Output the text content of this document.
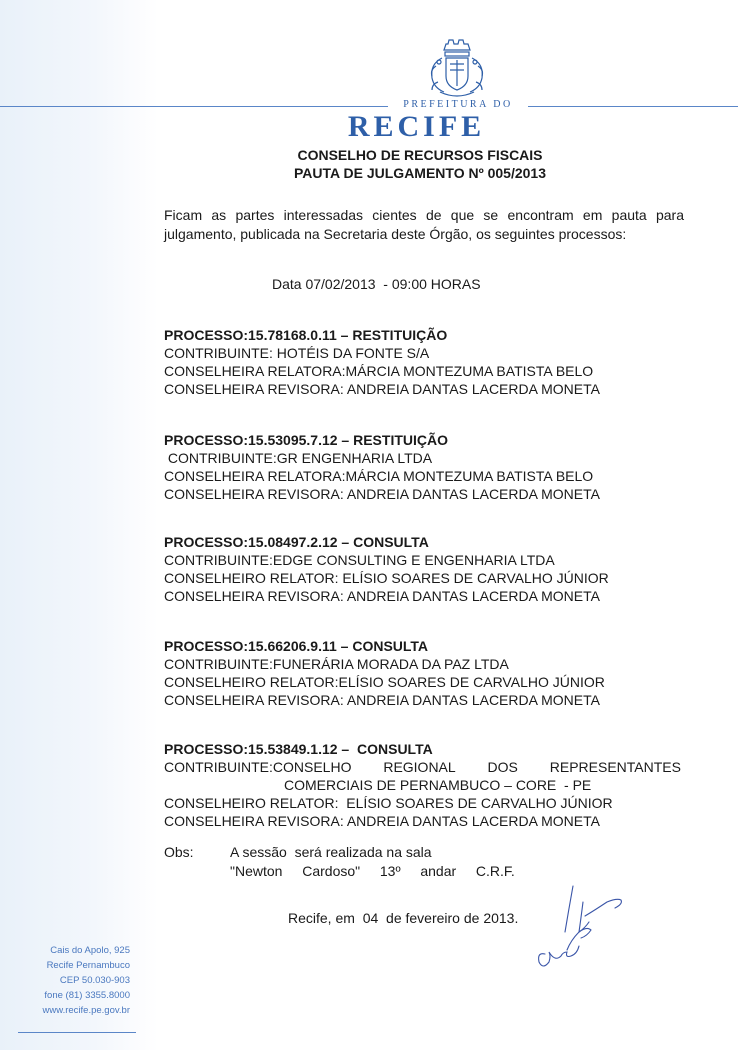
PREFEITURA DO
RECIFE
CONSELHO DE RECURSOS FISCAIS
PAUTA DE JULGAMENTO Nº 005/2013
Ficam as partes interessadas cientes de que se encontram em pauta para julgamento, publicada na Secretaria deste Órgão, os seguintes processos:
Data 07/02/2013  - 09:00 HORAS
PROCESSO:15.78168.0.11 – RESTITUIÇÃO
CONTRIBUINTE: HOTÉIS DA FONTE S/A
CONSELHEIRA RELATORA:MÁRCIA MONTEZUMA BATISTA BELO
CONSELHEIRA REVISORA: ANDREIA DANTAS LACERDA MONETA
PROCESSO:15.53095.7.12 – RESTITUIÇÃO
CONTRIBUINTE:GR ENGENHARIA LTDA
CONSELHEIRA RELATORA:MÁRCIA MONTEZUMA BATISTA BELO
CONSELHEIRA REVISORA: ANDREIA DANTAS LACERDA MONETA
PROCESSO:15.08497.2.12 – CONSULTA
CONTRIBUINTE:EDGE CONSULTING E ENGENHARIA LTDA
CONSELHEIRO RELATOR: ELÍSIO SOARES DE CARVALHO JÚNIOR
CONSELHEIRA REVISORA: ANDREIA DANTAS LACERDA MONETA
PROCESSO:15.66206.9.11 – CONSULTA
CONTRIBUINTE:FUNERÁRIA MORADA DA PAZ LTDA
CONSELHEIRO RELATOR:ELÍSIO SOARES DE CARVALHO JÚNIOR
CONSELHEIRA REVISORA: ANDREIA DANTAS LACERDA MONETA
PROCESSO:15.53849.1.12 –  CONSULTA
CONTRIBUINTE:CONSELHO REGIONAL DOS REPRESENTANTES
COMERCIAIS DE PERNAMBUCO – CORE  - PE
CONSELHEIRO RELATOR:  ELÍSIO SOARES DE CARVALHO JÚNIOR
CONSELHEIRA REVISORA: ANDREIA DANTAS LACERDA MONETA
Obs:	A sessão  será realizada na sala
"Newton  Cardoso"  13º  andar  C.R.F.
Recife, em  04  de fevereiro de 2013.
Cais do Apolo, 925
Recife Pernambuco
CEP 50.030-903
fone (81) 3355.8000
www.recife.pe.gov.br
